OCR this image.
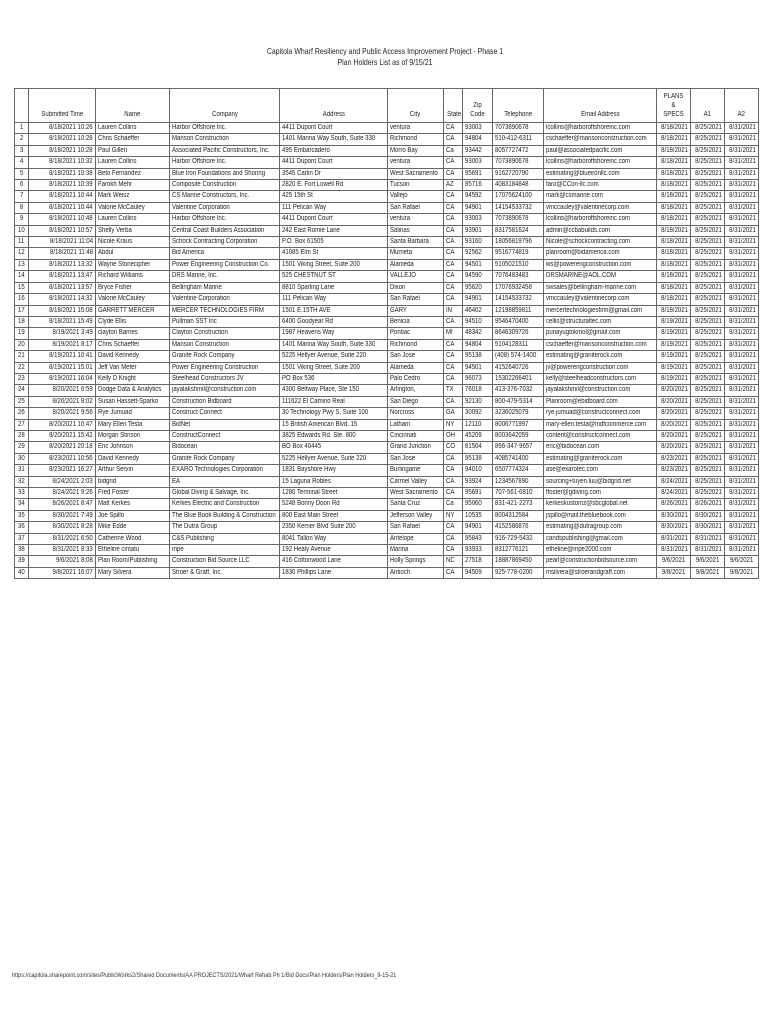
Capitola Wharf Resiliency and Public Access Improvement Project - Phase 1
Plan Holders List as of 9/15/21
	Submitted Time	Name	Company	Address	City	State	Zip Code	Telephone	Email Address	PLANS & SPECS	A1	A2
1	8/18/2021 10:26	Lauren Collins	Harbor Offshore Inc.	4411 Dupont Court	ventura	CA	93003	7073890678	lcollins@harboroffshoreinc.com	8/18/2021	8/25/2021	8/31/2021
2	8/18/2021 10:28	Chris Schaeffer	Manson Construction	1401 Marina Way South, Suite 330	Richmond	CA	94804	510-412-6311	cschaeffer@mansonconstruction.com	8/18/2021	8/25/2021	8/31/2021
3	8/18/2021 10:28	Paul Gillen	Associated Pacific Constructors, Inc.	495 Embarcadero	Morro Bay	Ca	93442	8057727472	paul@associatedpacific.com	8/18/2021	8/25/2021	8/31/2021
4	8/18/2021 10:32	Lauren Collins	Harbor Offshore Inc.	4411 Dupont Court	ventura	CA	93003	7073890678	lcollins@harboroffshoreinc.com	8/18/2021	8/25/2021	8/31/2021
5	8/18/2021 10:38	Beto Fernandez	Blue Iron Foundations and Shoring	3545 Carlin Dr	West Sacramento	CA	95691	9162720790	estimating@blueironllc.com	8/18/2021	8/25/2021	8/31/2021
6	8/18/2021 10:39	Farokh Mehr	Composite Construction	2820 E. Fort Lowell Rd	Tucson	AZ	85716	4083184848	faro@CCon-llc.com	8/18/2021	8/25/2021	8/31/2021
7	8/18/2021 10:44	Mark Weisz	CS Marine Constructors, Inc.	425 15th St	Vallejo	CA	94592	17075624100	mark@csmarine.com	8/18/2021	8/25/2021	8/31/2021
8	8/18/2021 10:44	Valorie McCauley	Valentine Corporation	111 Pelican Way	San Rafael	CA	94901	14154533732	vmccauley@valentinecorp.com	8/18/2021	8/25/2021	8/31/2021
9	8/18/2021 10:48	Lauren Collins	Harbor Offshore Inc.	4411 Dupont Court	ventura	CA	93003	7073890678	lcollins@harboroffshoreinc.com	8/18/2021	8/25/2021	8/31/2021
10	8/18/2021 10:57	Shelly Verba	Central Coast Builders Association	242 East Romie Lane	Salinas	CA	93901	8317581624	admin@ccbabuilds.com	8/18/2021	8/25/2021	8/31/2021
11	8/18/2021 11:04	Nicole Kraus	Schock Contracting Corporation	P.O. Box 61505	Santa Barbara	CA	93160	18056819796	Nicole@schockcontracting.com	8/18/2021	8/25/2021	8/31/2021
12	8/18/2021 11:48	Abdul	Bid America	41085 Elm St	Murrieta	CA	92562	9516774819	planroom@bidamerica.com	8/18/2021	8/25/2021	8/31/2021
13	8/18/2021 13:32	Wayne Stonecipher	Power Engineering Construction Co.	1501 Viking Street, Suite 200	Alameda	CA	94501	5105021510	ws@powerengconstruction.com	8/18/2021	8/25/2021	8/31/2021
14	8/18/2021 13:47	Richard Williams	DRS Marine, Inc.	525 CHESTNUT ST	VALLEJO	CA	94590	7076483483	DRSMARINE@AOL.COM	8/18/2021	8/25/2021	8/31/2021
15	8/18/2021 13:57	Bryce Fisher	Bellingham Marine	8810 Sparling Lane	Dixon	CA	95620	17076932458	swsales@bellingham-marine.com	8/18/2021	8/25/2021	8/31/2021
16	8/18/2021 14:32	Valorie McCauley	Valentine Corporation	111 Pelican Way	San Rafael	CA	94901	14154533732	vmccauley@valentinecorp.com	8/18/2021	8/25/2021	8/31/2021
17	8/18/2021 15:08	GARRETT MERCER	MERCER TECHNOLOGIES FIRM	1501 E.15TH AVE	GARY	IN	46402	12198859811	mercertechnologiesfirm@gmail.com	8/18/2021	8/25/2021	8/31/2021
18	8/18/2021 15:49	Clyde Ellis	Pullman SST Inc	6400 Goodyear Rd	Benicia	CA	94510	9546470400	cellis@structuraltec.com	8/19/2021	8/25/2021	8/31/2021
19	8/19/2021 3:49	clayton Barnes	Clayton Construction	1987 Heavens Way	Pontiac	MI	48342	8646309726	punayugtokmol@gmail.com	8/19/2021	8/25/2021	8/31/2021
20	8/19/2021 8:17	Chris Schaeffer	Manson Construction	1401 Marina Way South, Suite 330	Richmond	CA	94804	5104128311	cschaeffer@mansonconstruction.com	8/19/2021	8/25/2021	8/31/2021
21	8/19/2021 10:41	David Kennedy	Granite Rock Company	5225 Hellyer Avenue, Suite 220	San Jose	CA	95138	(408) 574-1400	estimating@graniterock.com	8/19/2021	8/25/2021	8/31/2021
22	8/19/2021 15:01	Jeff Van Meter	Power Engineering Construction	1501 Viking Street, Suite 200	Alameda	CA	94501	4152640726	jv@powerengconstruction.com	8/19/2021	8/25/2021	8/31/2021
23	8/19/2021 16:04	Kelly D Knight	Steelhead Constructors JV	PO Box 536	Palo Cedro	CA	96073	15302266401	kelly@steelheadconstructors.com	8/19/2021	8/25/2021	8/31/2021
24	8/20/2021 6:59	Dodge Data & Analytics	jayalakshmil@construction.com	4300 Beltway Place, Ste 150	Arlington,	TX	76018	413-376-7032	jayalakshmil@construction.com	8/20/2021	8/25/2021	8/31/2021
25	8/20/2021 8:02	Susan Hassett-Sparko	Construction Bidboard	111622 El Camino Real	San Diego	CA	92130	800-479-5314	Planroom@ebidboard.com	8/20/2021	8/25/2021	8/31/2021
26	8/20/2021 9:56	Rye Jumuad	Construct Connect	30 Technology Pwy S, Suite 100	Norcross	GA	30092	3236025079	rye.jumuad@constructconnect.com	8/20/2021	8/25/2021	8/31/2021
27	8/20/2021 10:47	Mary Ellen Testa	BidNet	15 British American Blvd, 15	Latham	NY	12110	8006771997	mary-ellen.testa@mdfcommerce.com	8/20/2021	8/25/2021	8/31/2021
28	8/20/2021 15:42	Morgan Stinson	ConstructConnect	3825 Edwards Rd. Ste. 800	Cincinnati	OH	45209	8003642059	content@constructconnect.com	8/20/2021	8/25/2021	8/31/2021
29	8/20/2021 20:18	Eric Johnson	Bidocean	BO Box 40445	Grand Junction	CO	81504	866-347-9657	eric@bidocean.com	8/20/2021	8/25/2021	8/31/2021
30	8/23/2021 10:56	David Kennedy	Granite Rock Company	5225 Hellyer Avenue, Suite 220	San Jose	CA	95138	4085741400	estimating@graniterock.com	8/23/2021	8/25/2021	8/31/2021
31	8/23/2021 16:27	Arthur Servin	EXARO Technologies Corporation	1831 Bayshore Hwy	Burlingame	CA	94010	6507774324	ase@exarotec.com	8/23/2021	8/25/2021	8/31/2021
32	8/24/2021 2:03	bidgrid	EA	15 Laguna Robles	Carmel Valley	CA	93924	1234567890	sourcing+tuyen.luu@bidgrid.net	8/24/2021	8/25/2021	8/31/2021
33	8/24/2021 9:26	Fred Foster	Global Diving & Salvage, Inc.	1280 Terminal Street	West Sacramento	CA	95691	707-561-6810	ffoster@gdiving.com	8/24/2021	8/25/2021	8/31/2021
34	8/26/2021 8:47	Matt Kerkes	Kerkes Electric and Construction	5248 Bonny Doon Rd	Santa Cruz	Ca	95060	831-421-2273	kerkeskustomz@sbcglobal.net	8/26/2021	8/26/2021	8/31/2021
35	8/30/2021 7:49	Joe Spillo	The Blue Book Building & Construction	800 East Main Street	Jefferson Valley	NY	10535	8004312584	jspillo@mail.thebluebook.com	8/30/2021	8/30/2021	8/31/2021
36	8/30/2021 8:28	Mike Edde	The Dutra Group	2350 Kerner Blvd Suite 200	San Rafael	CA	94901	4152586876	estimating@dutragroup.com	8/30/2021	8/30/2021	8/31/2021
37	8/31/2021 6:50	Catherine Wood	C&S Publishing	8041 Tallon Way	Antelope	CA	95843	916-729-5432	candspublishing@gmail.com	8/31/2021	8/31/2021	8/31/2021
38	8/31/2021 8:33	Etheline cimatu	mpe	192 Healy Avenue	Marina	CA	93933	8312776121	etheline@mpe2000.com	8/31/2021	8/31/2021	8/31/2021
39	9/6/2021 8:08	Plan Room/Publishing	Construction Bid Source LLC	416 Cottonwood Lane	Holly Springs	NC	27518	18887869450	pearl@constructionbidsource.com	9/6/2021	9/6/2021	9/6/2021
40	9/8/2021 16:07	Mary Silvera	Stroer & Graff, Inc.	1830 Phillips Lane	Antioch	CA	94509	925-778-0200	msilvera@stroerandgraff.com	9/8/2021	9/8/2021	9/8/2021
https://capitola.sharepoint.com/sites/PublicWorks2/Shared Documents/AA PROJECTS/2021/Wharf Rehab Ph 1/Bid Docs/Plan Holders/Plan Holders_9-15-21
